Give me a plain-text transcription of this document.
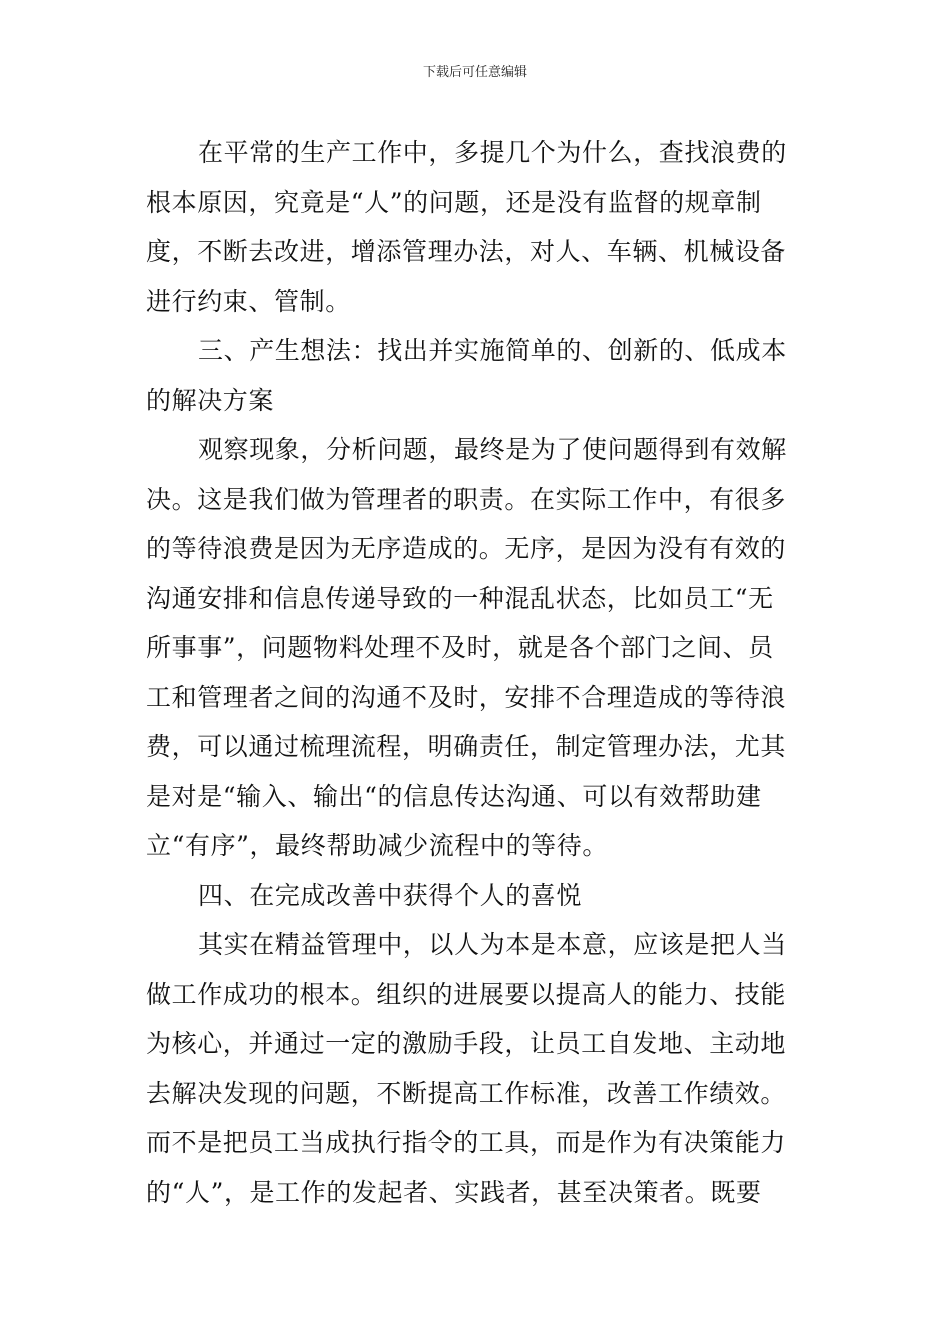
下载后可任意编辑
在平常的生产工作中，多提几个为什么，查找浪费的
根本原因，究竟是“人”的问题，还是没有监督的规章制
度，不断去改进，增添管理办法，对人、车辆、机械设备
进行约束、管制。
三、产生想法：找出并实施简单的、创新的、低成本
的解决方案
观察现象，分析问题，最终是为了使问题得到有效解
决。这是我们做为管理者的职责。在实际工作中，有很多
的等待浪费是因为无序造成的。无序，是因为没有有效的
沟通安排和信息传递导致的一种混乱状态，比如员工“无
所事事”，问题物料处理不及时，就是各个部门之间、员
工和管理者之间的沟通不及时，安排不合理造成的等待浪
费，可以通过梳理流程，明确责任，制定管理办法，尤其
是对是“输入、输出“的信息传达沟通、可以有效帮助建
立“有序”，最终帮助减少流程中的等待。
四、在完成改善中获得个人的喜悦
其实在精益管理中，以人为本是本意，应该是把人当
做工作成功的根本。组织的进展要以提高人的能力、技能
为核心，并通过一定的激励手段，让员工自发地、主动地
去解决发现的问题，不断提高工作标准，改善工作绩效。
而不是把员工当成执行指令的工具，而是作为有决策能力
的“人”，是工作的发起者、实践者，甚至决策者。既要
